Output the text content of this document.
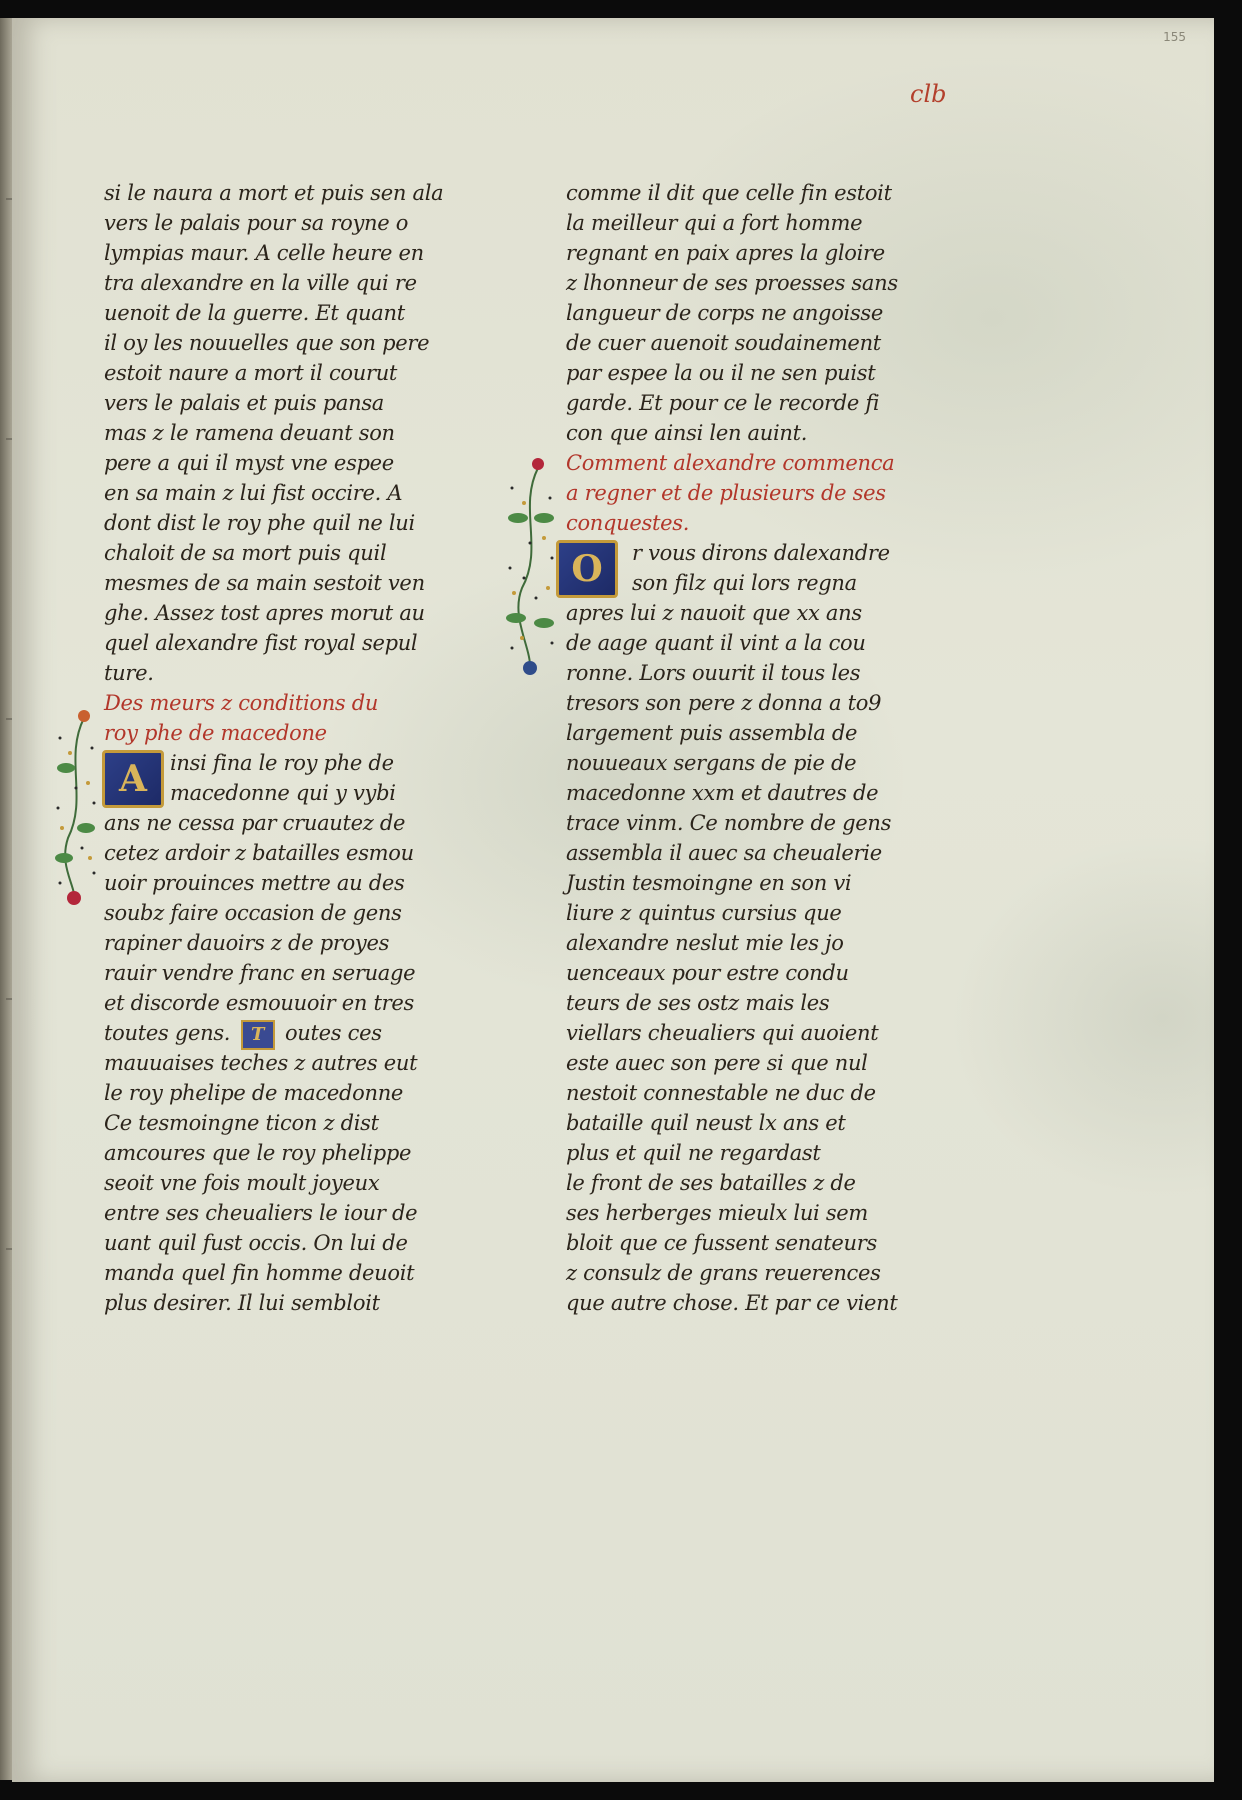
155
clb
si le naura a mort et puis sen ala
vers le palais pour sa royne o
lympias maur. A celle heure en
tra alexandre en la ville qui re
uenoit de la guerre. Et quant
il oy les nouuelles que son pere
estoit naure a mort il courut
vers le palais et puis pansa
mas z le ramena deuant son
pere a qui il myst vne espee
en sa main z lui fist occire. A
dont dist le roy phe quil ne lui
chaloit de sa mort puis quil
mesmes de sa main sestoit ven
ghe. Assez tost apres morut au
quel alexandre fist royal sepul
ture.
Des meurs z conditions du
roy phe de macedone
A	insi fina le roy phe de
macedonne qui y vybi
ans ne cessa par cruautez de
cetez ardoir z batailles esmou
uoir prouinces mettre au des
soubz faire occasion de gens
rapiner dauoirs z de proyes
rauir vendre franc en seruage
et discorde esmouuoir en tres
toutes gens. T outes ces
mauuaises teches z autres eut
le roy phelipe de macedonne
Ce tesmoingne ticon z dist
amcoures que le roy phelippe
seoit vne fois moult joyeux
entre ses cheualiers le iour de
uant quil fust occis. On lui de
manda quel fin homme deuoit
plus desirer. Il lui sembloit
comme il dit que celle fin estoit
la meilleur qui a fort homme
regnant en paix apres la gloire
z lhonneur de ses proesses sans
langueur de corps ne angoisse
de cuer auenoit soudainement
par espee la ou il ne sen puist
garde. Et pour ce le recorde fi
con que ainsi len auint.
Comment alexandre commenca
a regner et de plusieurs de ses
conquestes.
O	r vous dirons dalexandre
son filz qui lors regna
apres lui z nauoit que xx ans
de aage quant il vint a la cou
ronne. Lors ouurit il tous les
tresors son pere z donna a to9
largement puis assembla de
nouueaux sergans de pie de
macedonne xxm et dautres de
trace vinm. Ce nombre de gens
assembla il auec sa cheualerie
Justin tesmoingne en son vi
liure z quintus cursius que
alexandre neslut mie les jo
uenceaux pour estre condu
teurs de ses ostz mais les
viellars cheualiers qui auoient
este auec son pere si que nul
nestoit connestable ne duc de
bataille quil neust lx ans et
plus et quil ne regardast
le front de ses batailles z de
ses herberges mieulx lui sem
bloit que ce fussent senateurs
z consulz de grans reuerences
que autre chose. Et par ce vient
